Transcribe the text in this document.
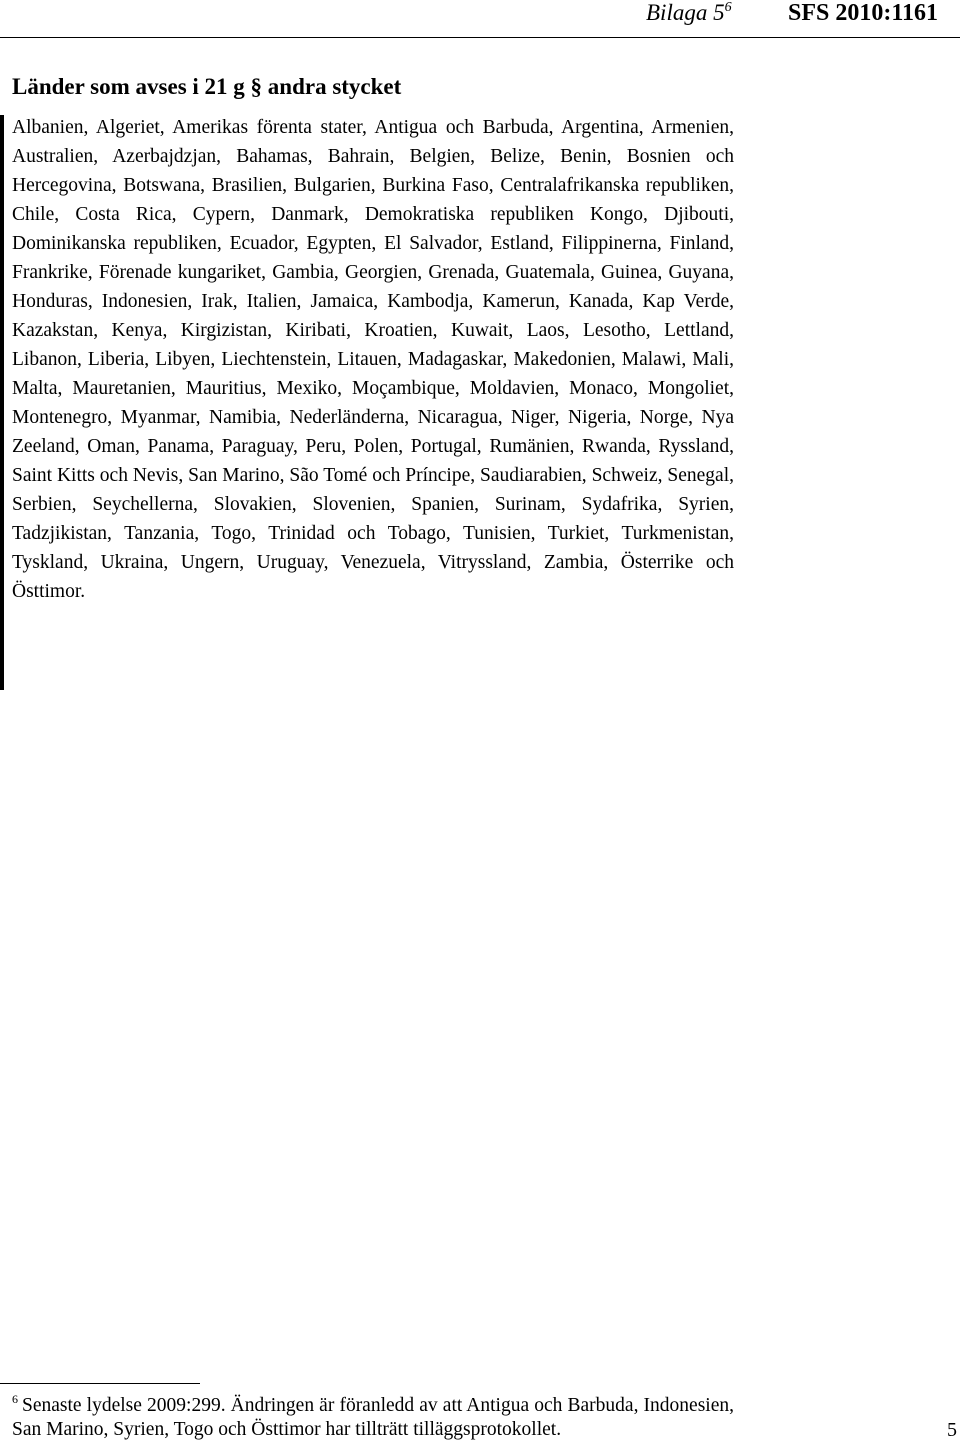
Bilaga $5^6$ SFS 2010:1161
Länder som avses i 21 g § andra stycket

Albanien, Algeriet, Amerikas förenta stater, Antigua och Barbuda, Argentina, Armenien, Australien, Azerbajdzjan, Bahamas, Bahrain, Belgien, Belize, Benin, Bosnien och Hercegovina, Botswana, Brasilien, Bulgarien, Burkina Faso, Centralafrikanska republiken, Chile, Costa Rica, Cypern, Danmark, Demokratiska republiken Kongo, Djibouti, Dominikanska republiken, Ecuador, Egypten, El Salvador, Estland, Filippinerna, Finland, Frankrike, Förenade kungariket, Gambia, Georgien, Grenada, Guatemala, Guinea, Guyana, Honduras, Indonesien, Irak, Italien, Jamaica, Kambodja, Kamerun, Kanada, Kap Verde, Kazakstan, Kenya, Kirgizistan, Kiribati, Kroatien, Kuwait, Laos, Lesotho, Lettland, Libanon, Liberia, Libyen, Liechtenstein, Litauen, Madagaskar, Makedonien, Malawi, Mali, Malta, Mauretanien, Mauritius, Mexiko, Moçambique, Moldavien, Monaco, Mongoliet, Montenegro, Myanmar, Namibia, Nederländerna, Nicaragua, Niger, Nigeria, Norge, Nya Zeeland, Oman, Panama, Paraguay, Peru, Polen, Portugal, Rumänien, Rwanda, Ryssland, Saint Kitts och Nevis, San Marino, São Tomé och Príncipe, Saudiarabien, Schweiz, Senegal, Serbien, Seychellerna, Slovakien, Slovenien, Spanien, Surinam, Sydafrika, Syrien, Tadzjikistan, Tanzania, Togo, Trinidad och Tobago, Tunisien, Turkiet, Turkmenistan, Tyskland, Ukraina, Ungern, Uruguay, Venezuela, Vitryssland, Zambia, Österrike och Östtimor.

$^6$ Senaste lydelse 2009:299. Ändringen är föranledd av att Antigua och Barbuda, Indonesien, San Marino, Syrien, Togo och Östtimor har tillträtt tilläggsprotokollet.	5
